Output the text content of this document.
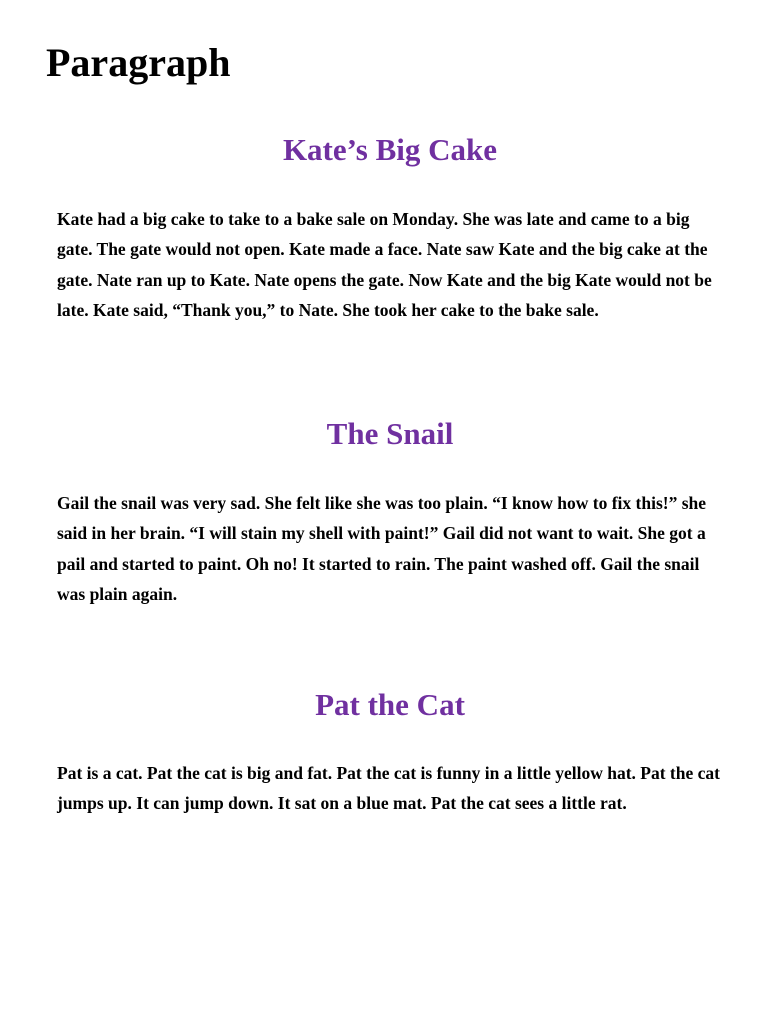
Paragraph
Kate’s Big Cake

Kate had a big cake to take to a bake sale on Monday. She was late and came to a big gate. The gate would not open. Kate made a face. Nate saw Kate and the big cake at the gate. Nate ran up to Kate. Nate opens the gate. Now Kate and the big Kate would not be late. Kate said, “Thank you,” to Nate. She took her cake to the bake sale.

The Snail

Gail the snail was very sad. She felt like she was too plain. “I know how to fix this!” she said in her brain. “I will stain my shell with paint!” Gail did not want to wait. She got a pail and started to paint. Oh no! It started to rain. The paint washed off. Gail the snail was plain again.

Pat the Cat

Pat is a cat. Pat the cat is big and fat. Pat the cat is funny in a little yellow hat. Pat the cat jumps up. It can jump down. It sat on a blue mat. Pat the cat sees a little rat.
